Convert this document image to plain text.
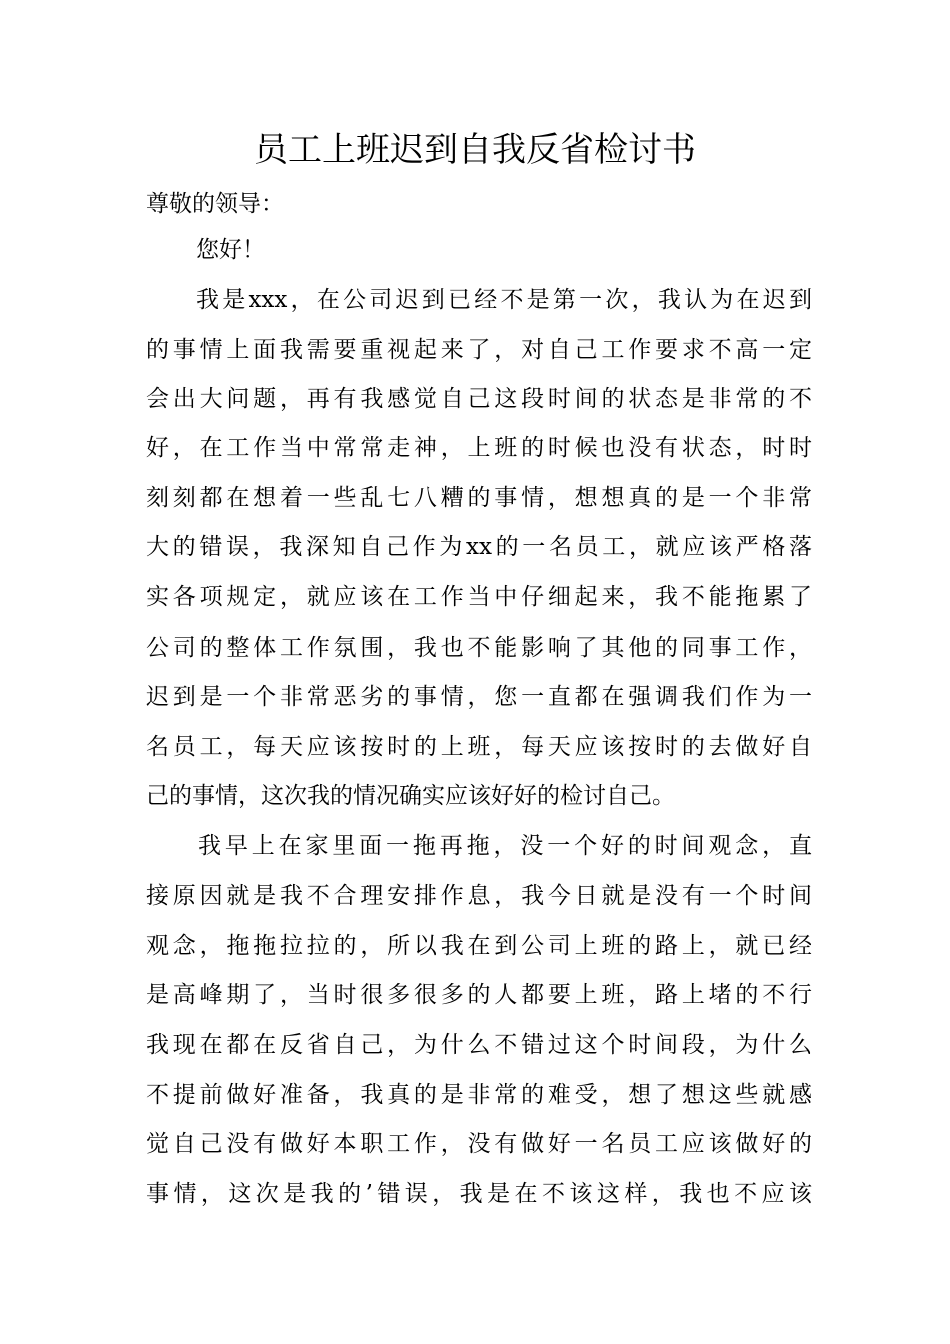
员工上班迟到自我反省检讨书
尊敬的领导：
您好！
我是xxx，在公司迟到已经不是第一次，我认为在迟到
的事情上面我需要重视起来了，对自己工作要求不高一定
会出大问题，再有我感觉自己这段时间的状态是非常的不
好，在工作当中常常走神，上班的时候也没有状态，时时
刻刻都在想着一些乱七八糟的事情，想想真的是一个非常
大的错误，我深知自己作为xx的一名员工，就应该严格落
实各项规定，就应该在工作当中仔细起来，我不能拖累了
公司的整体工作氛围，我也不能影响了其他的同事工作，
迟到是一个非常恶劣的事情，您一直都在强调我们作为一
名员工，每天应该按时的上班，每天应该按时的去做好自
己的事情，这次我的情况确实应该好好的检讨自己。
我早上在家里面一拖再拖，没一个好的时间观念，直
接原因就是我不合理安排作息，我今日就是没有一个时间
观念，拖拖拉拉的，所以我在到公司上班的路上，就已经
是高峰期了，当时很多很多的人都要上班，路上堵的不行
我现在都在反省自己，为什么不错过这个时间段，为什么
不提前做好准备，我真的是非常的难受，想了想这些就感
觉自己没有做好本职工作，没有做好一名员工应该做好的
事情，这次是我的’错误，我是在不该这样，我也不应该
